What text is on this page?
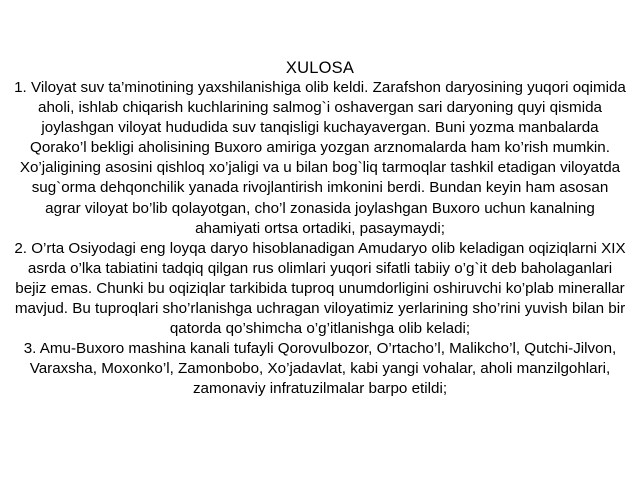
XULOSA

1. Viloyat suv ta’minotining yaxshilanishiga olib keldi. Zarafshon daryosining yuqori oqimida aholi, ishlab chiqarish kuchlarining salmog`i oshavergan sari daryoning quyi qismida joylashgan viloyat hududida suv tanqisligi kuchayavergan. Buni yozma manbalarda Qorako’l bekligi aholisining Buxoro amiriga yozgan arznomalarda ham ko’rish mumkin. Xo’jaligining asosini qishloq xo’jaligi va u bilan bog`liq tarmoqlar tashkil etadigan viloyatda sug`orma dehqonchilik yanada rivojlantirish imkonini berdi. Bundan keyin ham asosan agrar viloyat bo’lib qolayotgan, cho’l zonasida joylashgan Buxoro uchun kanalning ahamiyati ortsa ortadiki, pasaymaydi;

2. O’rta Osiyodagi eng loyqa daryo hisoblanadigan Amudaryo olib keladigan oqiziqlarni XIX asrda o’lka tabiatini tadqiq qilgan rus olimlari yuqori sifatli tabiiy o’g`it deb baholaganlari bejiz emas. Chunki bu oqiziqlar tarkibida tuproq unumdorligini oshiruvchi ko’plab minerallar mavjud. Bu tuproqlari sho’rlanishga uchragan viloyatimiz yerlarining sho’rini yuvish bilan bir qatorda qo’shimcha o’g’itlanishga olib keladi;

3. Amu-Buxoro mashina kanali tufayli Qorovulbozor, O’rtacho’l, Malikcho’l, Qutchi-Jilvon, Varaxsha, Moxonko’l, Zamonbobo, Xo’jadavlat, kabi yangi vohalar, aholi manzilgohlari, zamonaviy infratuzilmalar barpo etildi;
